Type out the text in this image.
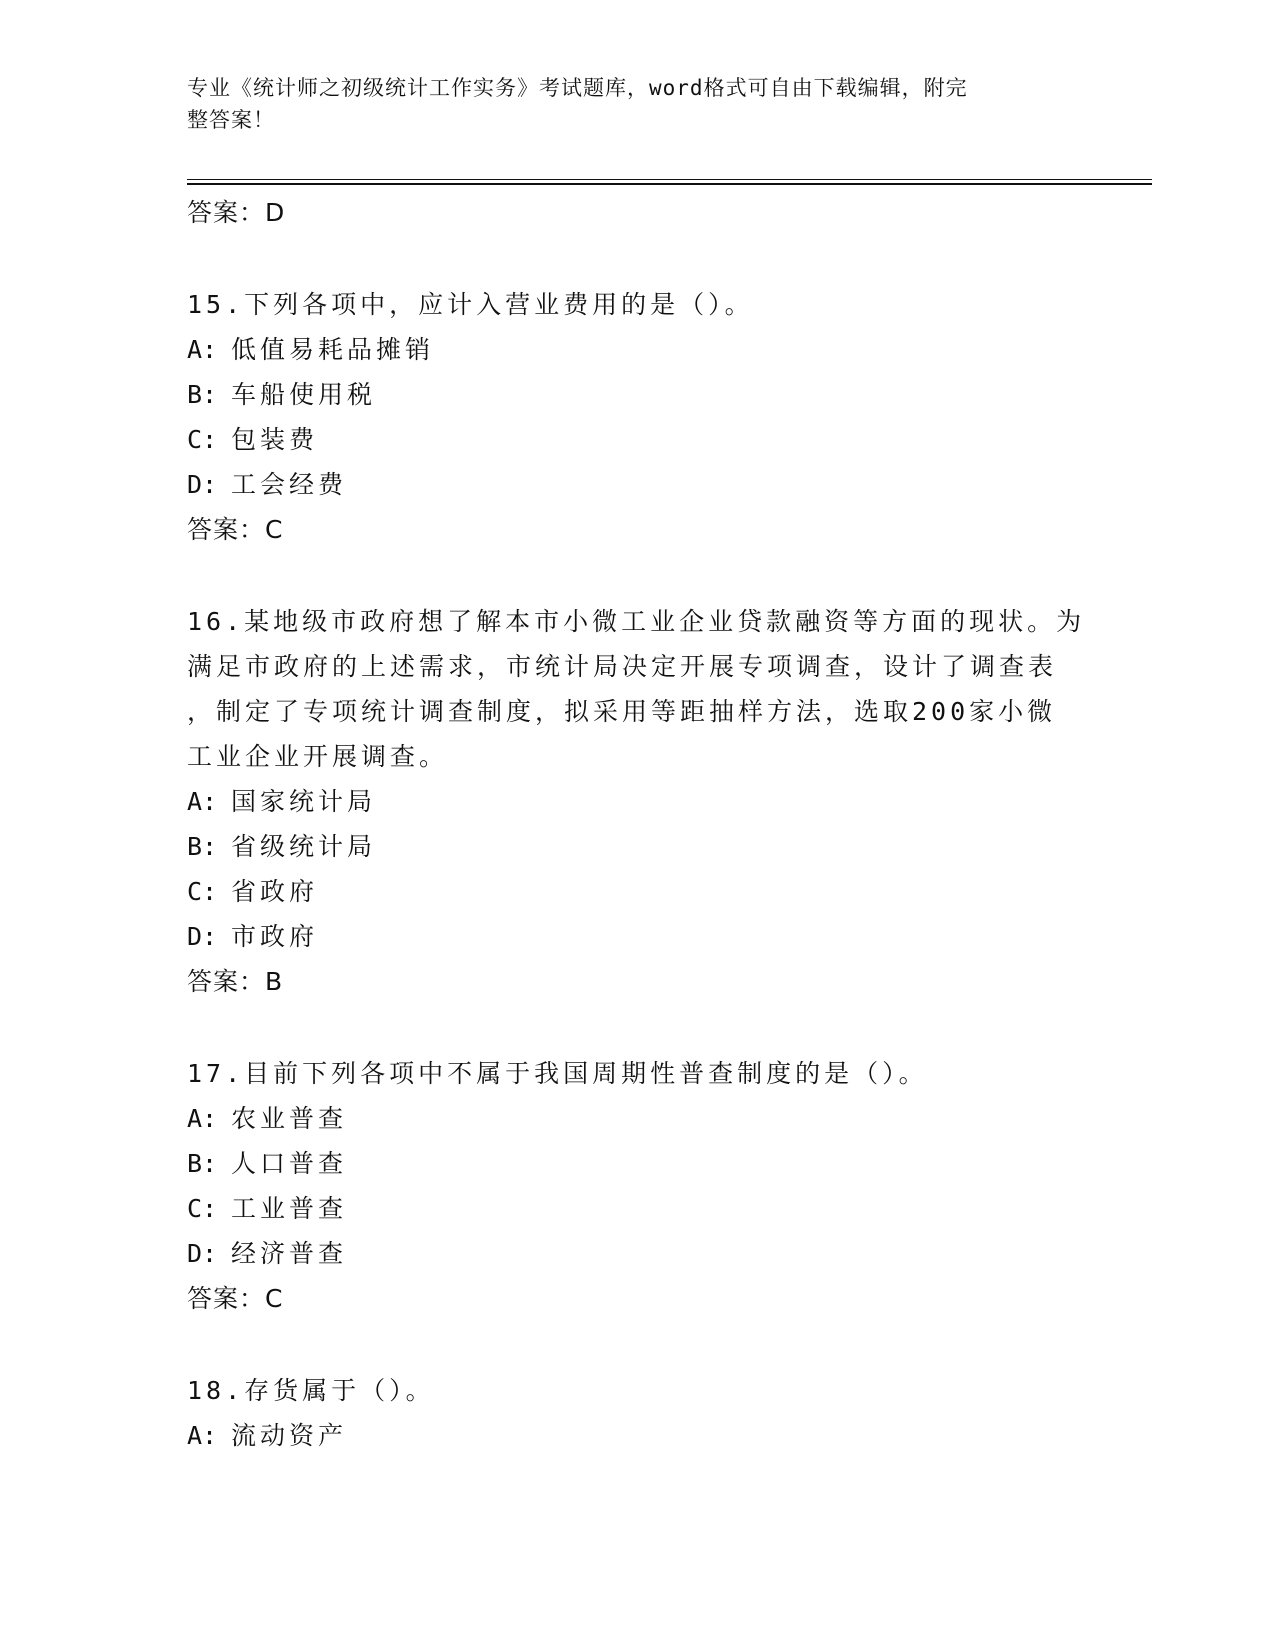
专业《统计师之初级统计工作实务》考试题库，word格式可自由下载编辑，附完
整答案！
答案：D
15.下列各项中，应计入营业费用的是（）。
A: 低值易耗品摊销
B: 车船使用税
C: 包装费
D: 工会经费
答案：C
16.某地级市政府想了解本市小微工业企业贷款融资等方面的现状。为
满足市政府的上述需求，市统计局决定开展专项调查，设计了调查表
，制定了专项统计调查制度，拟采用等距抽样方法，选取200家小微
工业企业开展调查。
A: 国家统计局
B: 省级统计局
C: 省政府
D: 市政府
答案：B
17.目前下列各项中不属于我国周期性普查制度的是（）。
A: 农业普查
B: 人口普查
C: 工业普查
D: 经济普查
答案：C
18.存货属于（）。
A: 流动资产
